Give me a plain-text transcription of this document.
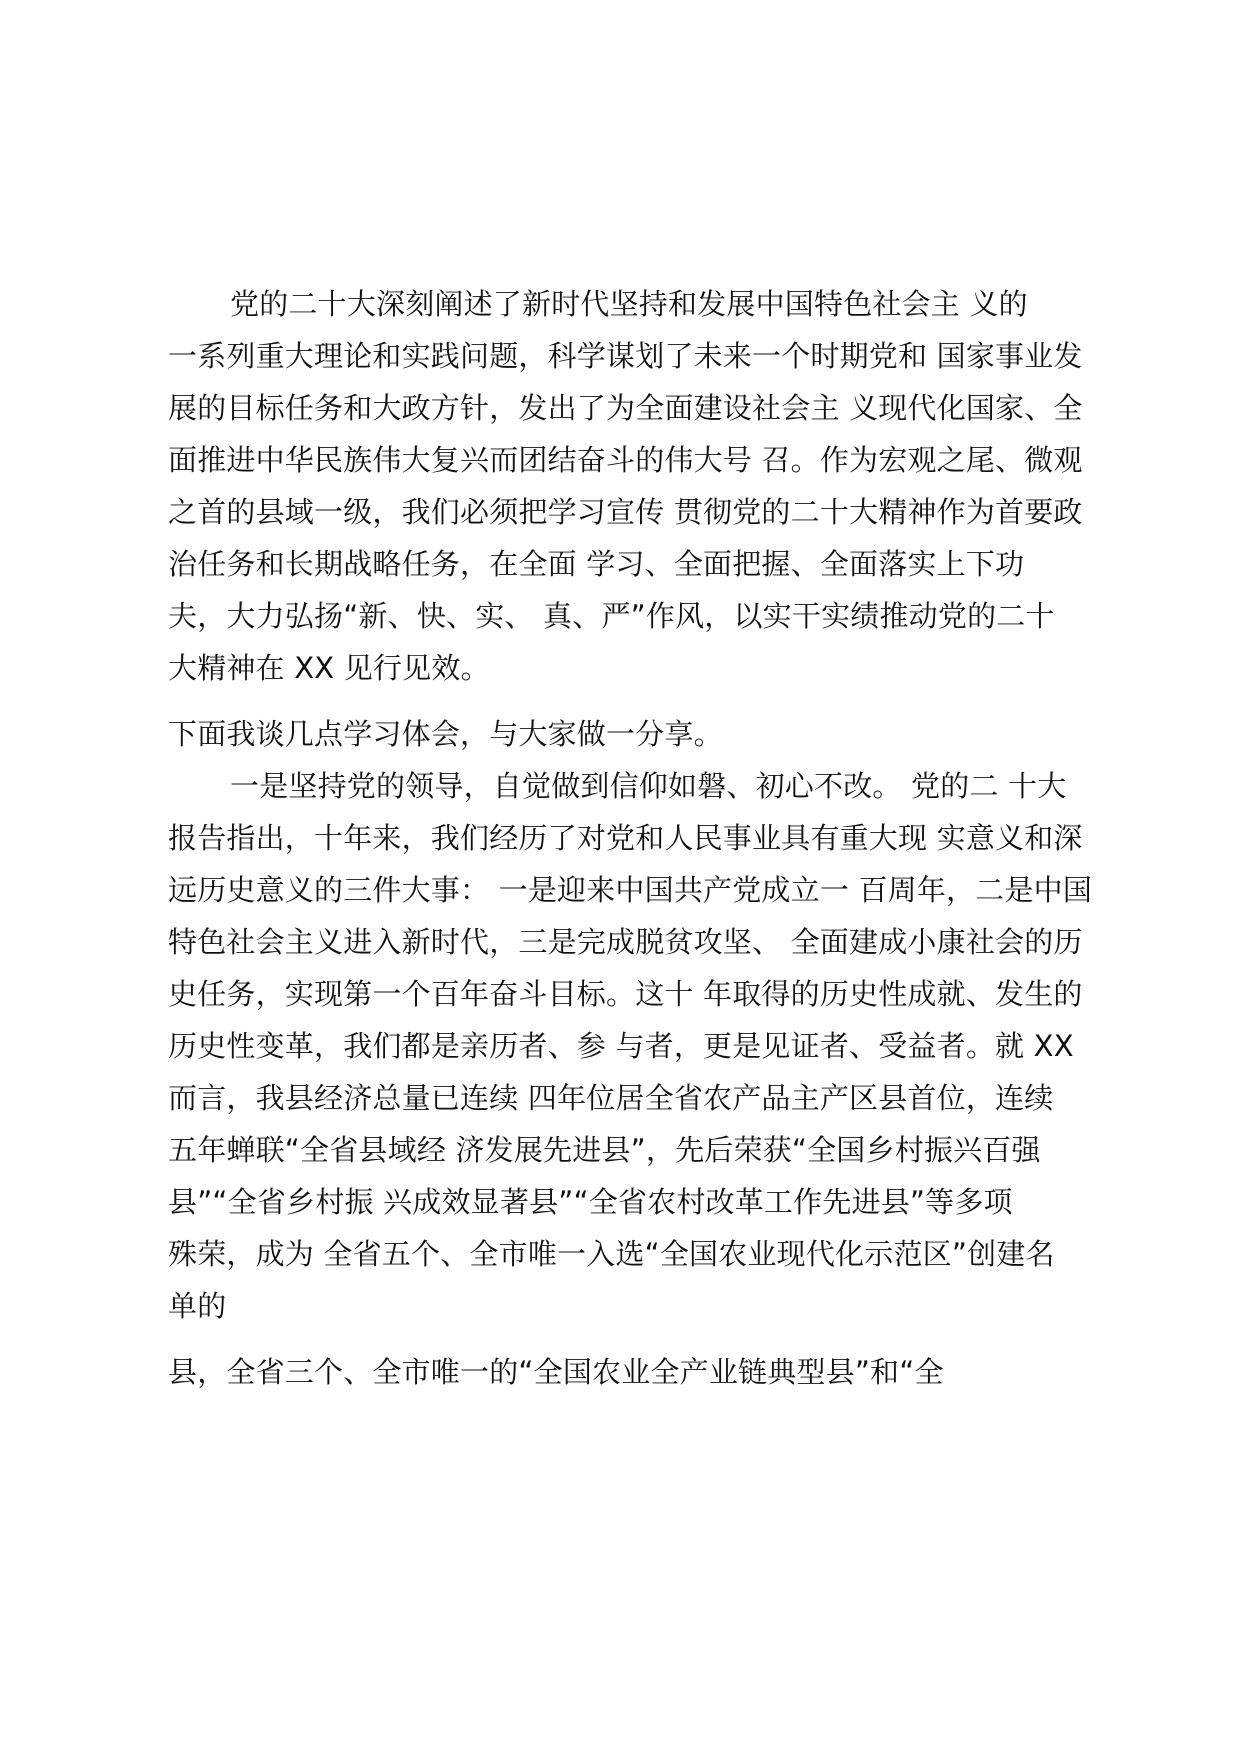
党的二十大深刻阐述了新时代坚持和发展中国特色社会主 义的
一系列重大理论和实践问题，科学谋划了未来一个时期党和 国家事业发
展的目标任务和大政方针，发出了为全面建设社会主 义现代化国家、全
面推进中华民族伟大复兴而团结奋斗的伟大号 召。作为宏观之尾、微观
之首的县域一级，我们必须把学习宣传 贯彻党的二十大精神作为首要政
治任务和长期战略任务，在全面 学习、全面把握、全面落实上下功
夫，大力弘扬“新、快、实、 真、严”作风，以实干实绩推动党的二十
大精神在 XX 见行见效。
下面我谈几点学习体会，与大家做一分享。
一是坚持党的领导，自觉做到信仰如磐、初心不改。 党的二 十大
报告指出，十年来，我们经历了对党和人民事业具有重大现 实意义和深
远历史意义的三件大事： 一是迎来中国共产党成立一 百周年，二是中国
特色社会主义进入新时代，三是完成脱贫攻坚、 全面建成小康社会的历
史任务，实现第一个百年奋斗目标。这十 年取得的历史性成就、发生的
历史性变革，我们都是亲历者、参 与者，更是见证者、受益者。就 XX
而言，我县经济总量已连续 四年位居全省农产品主产区县首位，连续
五年蝉联“全省县域经 济发展先进县”，先后荣获“全国乡村振兴百强
县”“全省乡村振 兴成效显著县”“全省农村改革工作先进县”等多项
殊荣，成为 全省五个、全市唯一入选“全国农业现代化示范区”创建名
单的
县，全省三个、全市唯一的“全国农业全产业链典型县”和“全
